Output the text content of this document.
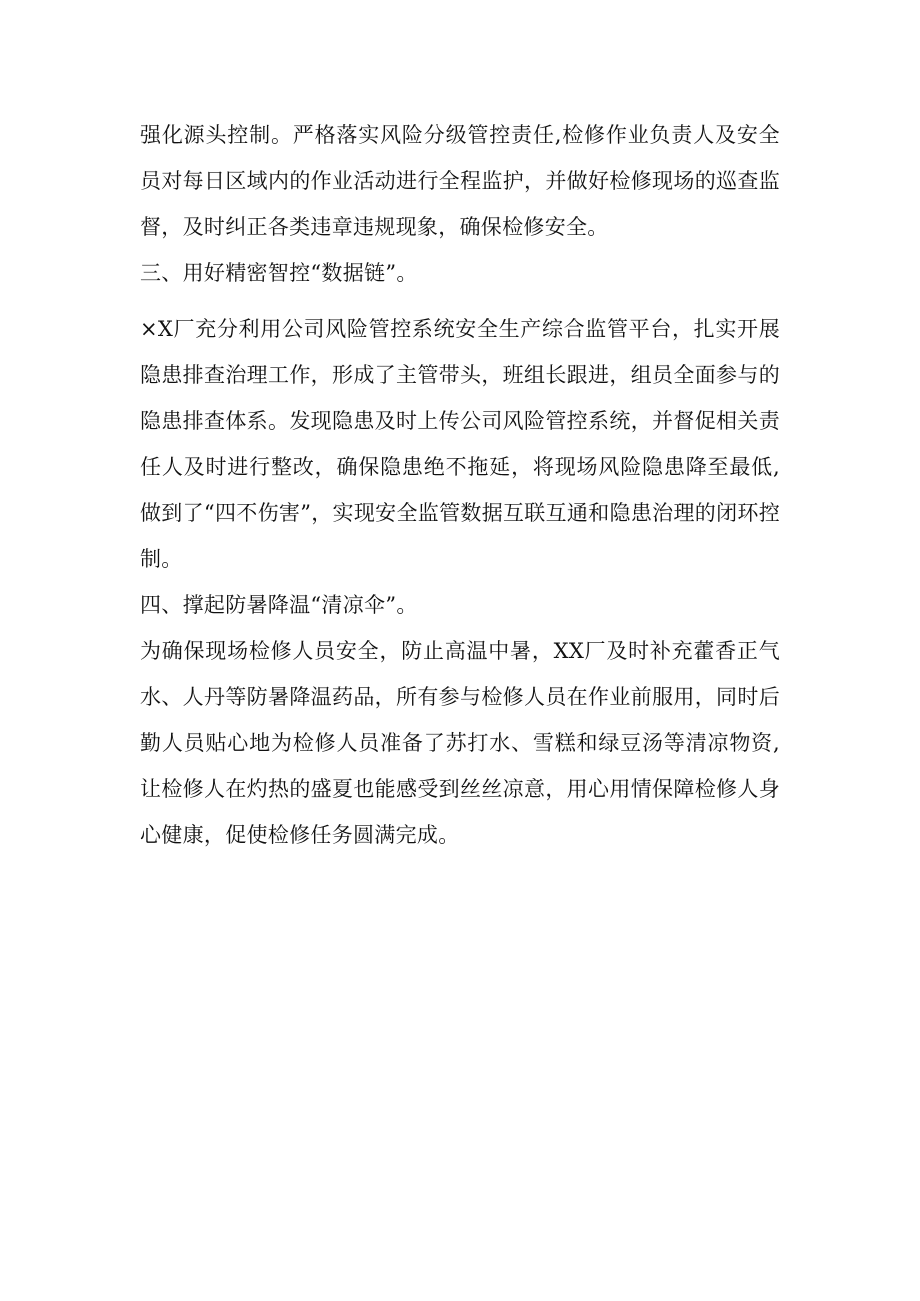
强化源头控制。严格落实风险分级管控责任,检修作业负责人及安全员对每日区域内的作业活动进行全程监护，并做好检修现场的巡查监督，及时纠正各类违章违规现象，确保检修安全。

三、用好精密智控“数据链”。

×X厂充分利用公司风险管控系统安全生产综合监管平台，扎实开展隐患排查治理工作，形成了主管带头，班组长跟进，组员全面参与的隐患排查体系。发现隐患及时上传公司风险管控系统，并督促相关责任人及时进行整改，确保隐患绝不拖延，将现场风险隐患降至最低,做到了“四不伤害”，实现安全监管数据互联互通和隐患治理的闭环控制。

四、撑起防暑降温“清凉伞”。

为确保现场检修人员安全，防止高温中暑，XX厂及时补充藿香正气水、人丹等防暑降温药品，所有参与检修人员在作业前服用，同时后勤人员贴心地为检修人员准备了苏打水、雪糕和绿豆汤等清凉物资,让检修人在灼热的盛夏也能感受到丝丝凉意，用心用情保障检修人身心健康，促使检修任务圆满完成。
